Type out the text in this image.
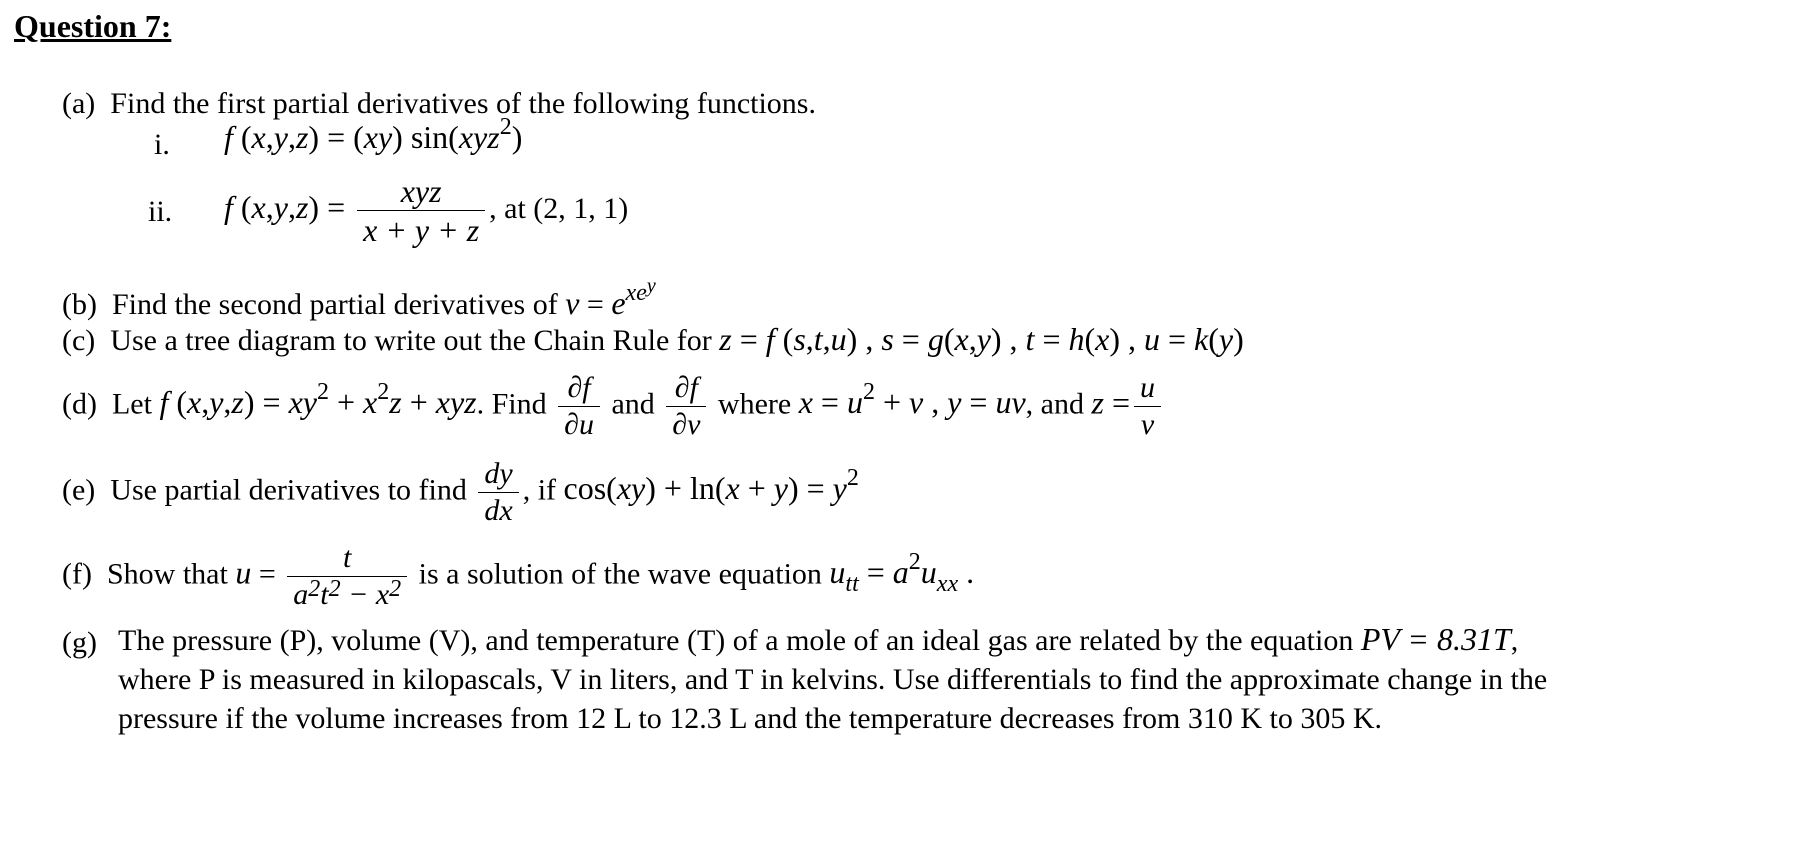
Question 7:
(a) Find the first partial derivatives of the following functions.
i. f (x,y,z) = (xy) sin(xyz$^2$)
ii. f $(x,y,z) = \frac{\text{xyz}}{x + y + z}$ , at (2, 1, 1)
(b) Find the second partial derivatives of $v = e^{xe^y}$
(c) Use a tree diagram to write out the Chain Rule for z = f (s,t,u) , s = g(x,y) , t = h(x) , u = k(y)
(d) Let f $(x,y,z) = xy^2 + x^2z$ + xyz. Find $\frac{\partial f}{\partial u}$ and $\frac{\partial f}{\partial v}$ where $x = u^2 + v$ , y = uv, and $z = \frac{u}{v}$
(e) Use partial derivatives to find $\frac{dy}{dx}$ , if $\cos(xy) + \ln(x + y) = y^2$
(f) Show that $u = \frac{t}{a^2t^2 - x^2}$ is a solution of the wave equation $u_{tt} = a^2u_{xx}$ .
(g) The pressure (P), volume (V), and temperature (T) of a mole of an ideal gas are related by the equation PV = 8.31T,
where P is measured in kilopascals, V in liters, and T in kelvins. Use differentials to find the approximate change in the
pressure if the volume increases from 12 L to 12.3 L and the temperature decreases from 310 K to 305 K.
